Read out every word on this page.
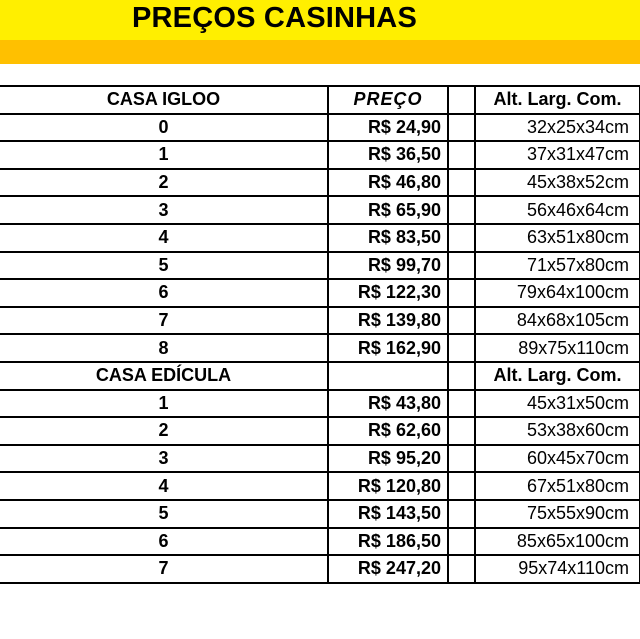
PREÇOS CASINHAS
CASA IGLOO	PREÇO		Alt. Larg. Com.
0	R$ 24,90		32x25x34cm
1	R$ 36,50		37x31x47cm
2	R$ 46,80		45x38x52cm
3	R$ 65,90		56x46x64cm
4	R$ 83,50		63x51x80cm
5	R$ 99,70		71x57x80cm
6	R$ 122,30		79x64x100cm
7	R$ 139,80		84x68x105cm
8	R$ 162,90		89x75x110cm
CASA EDÍCULA			Alt. Larg. Com.
1	R$ 43,80		45x31x50cm
2	R$ 62,60		53x38x60cm
3	R$ 95,20		60x45x70cm
4	R$ 120,80		67x51x80cm
5	R$ 143,50		75x55x90cm
6	R$ 186,50		85x65x100cm
7	R$ 247,20		95x74x110cm
